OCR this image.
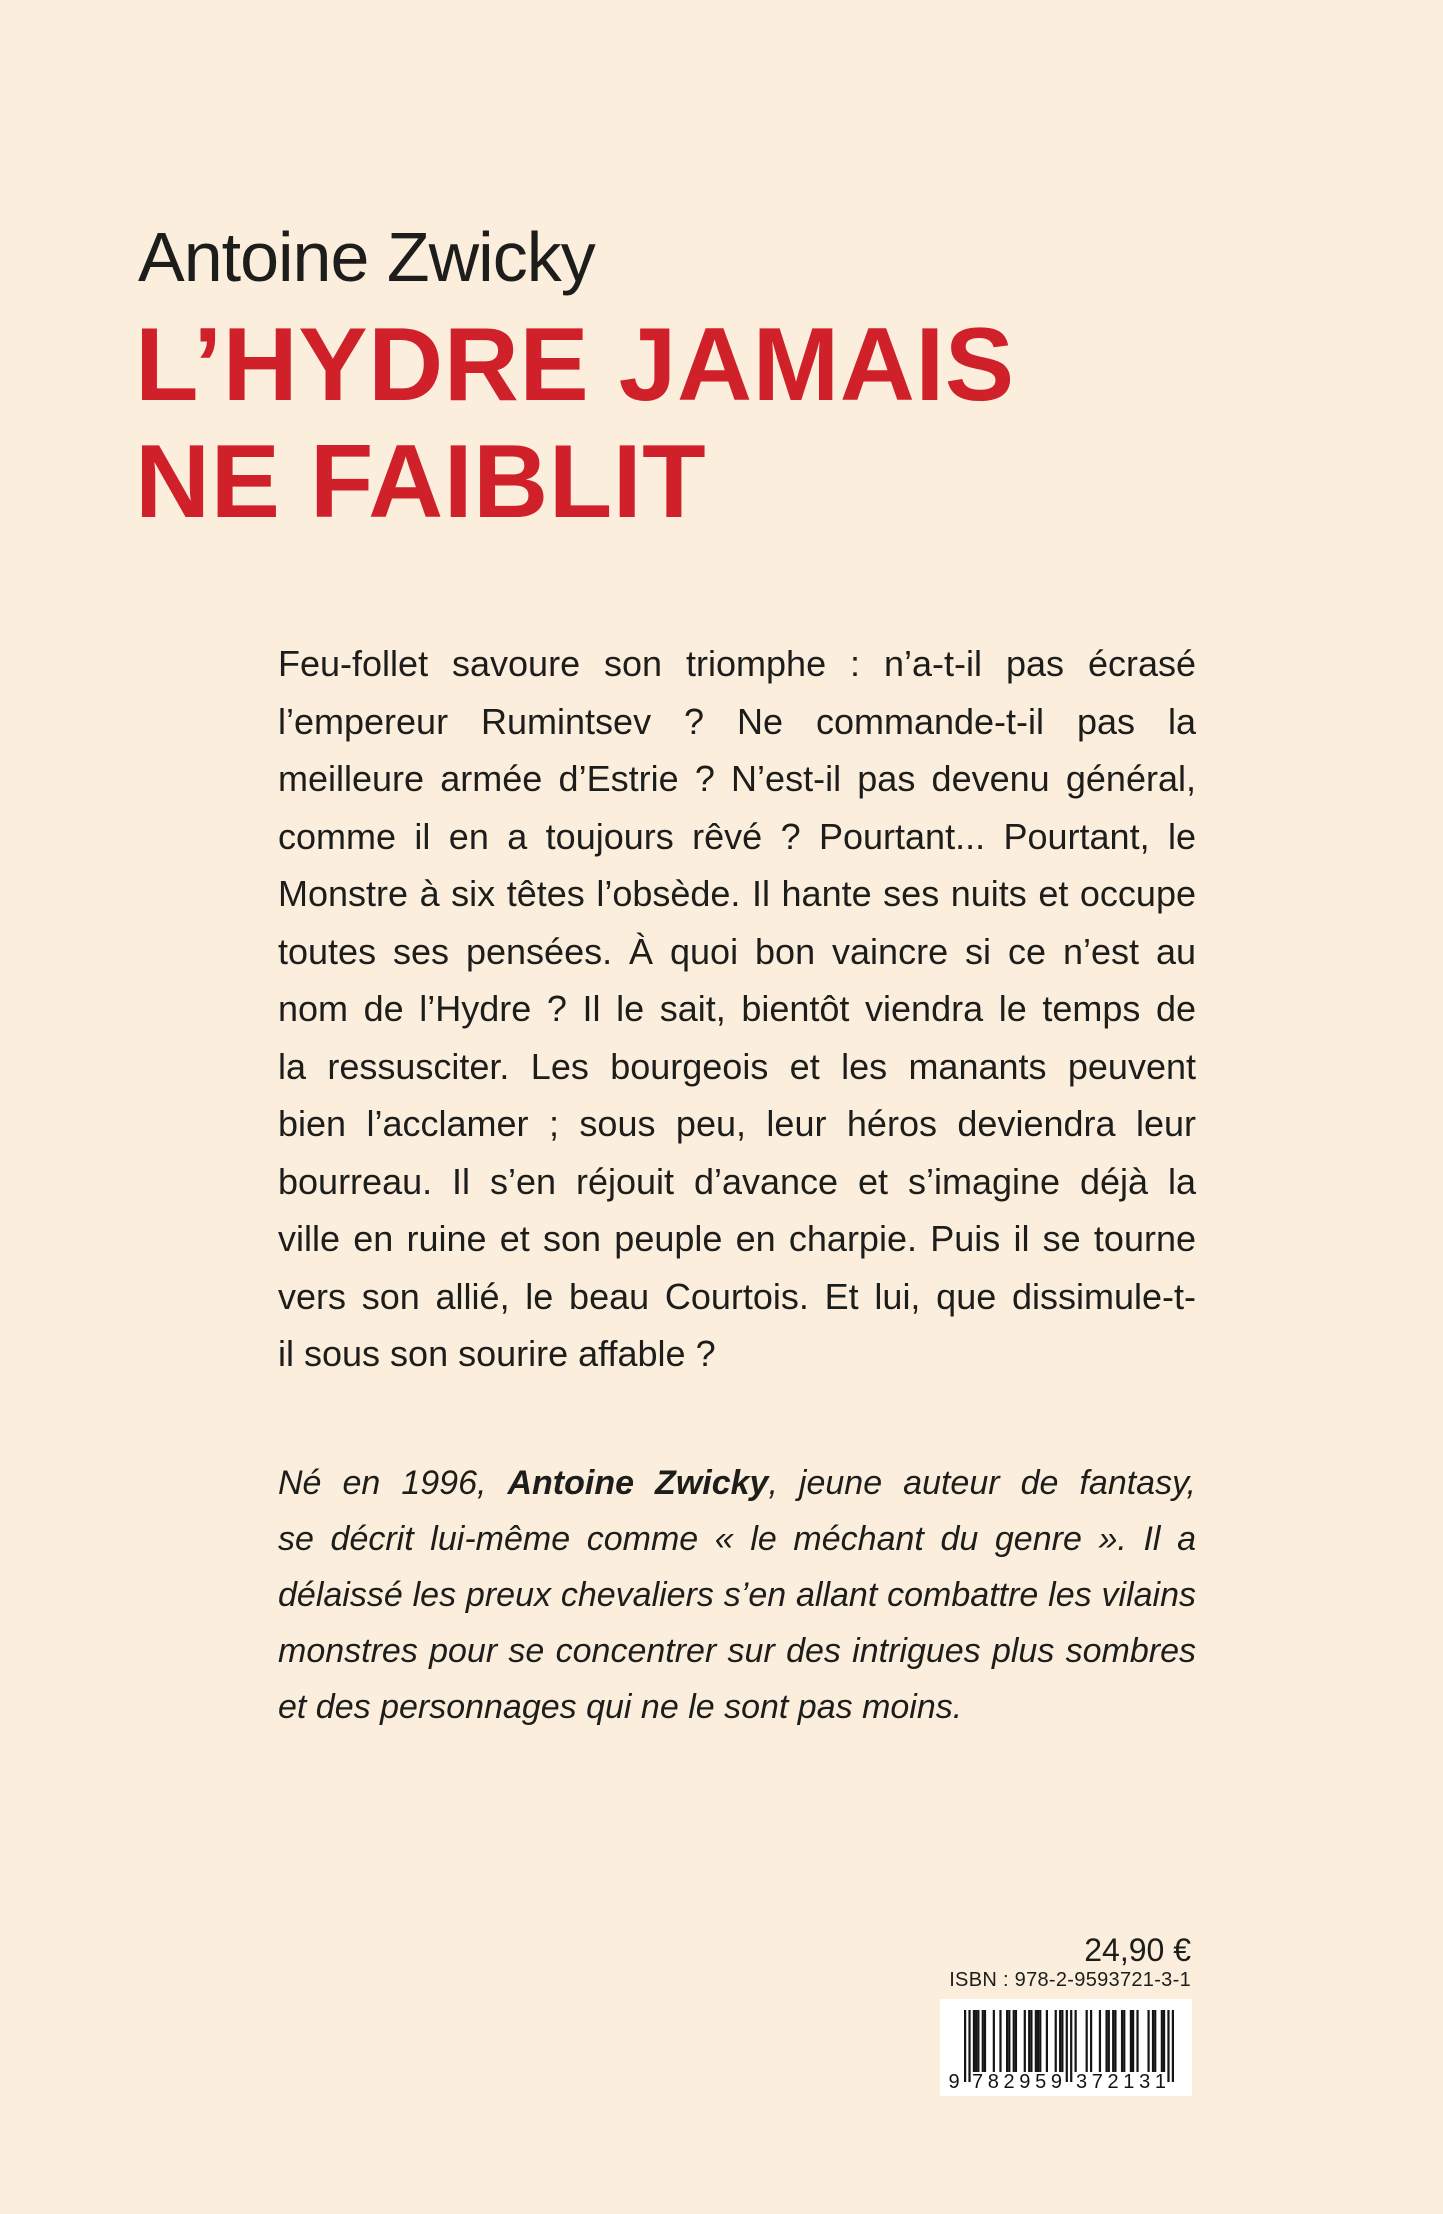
Antoine Zwicky
L’HYDRE JAMAIS
NE FAIBLIT
Feu-follet savoure son triomphe : n’a-t-il pas écrasé
l’empereur Rumintsev ? Ne commande-t-il pas la
meilleure armée d’Estrie ? N’est-il pas devenu général,
comme il en a toujours rêvé ? Pourtant... Pourtant, le
Monstre à six têtes l’obsède. Il hante ses nuits et occupe
toutes ses pensées. À quoi bon vaincre si ce n’est au
nom de l’Hydre ? Il le sait, bientôt viendra le temps de
la ressusciter. Les bourgeois et les manants peuvent
bien l’acclamer ; sous peu, leur héros deviendra leur
bourreau. Il s’en réjouit d’avance et s’imagine déjà la
ville en ruine et son peuple en charpie. Puis il se tourne
vers son allié, le beau Courtois. Et lui, que dissimule-t-
il sous son sourire affable ?
Né en 1996, Antoine Zwicky, jeune auteur de fantasy,
se décrit lui-même comme « le méchant du genre ». Il a
délaissé les preux chevaliers s’en allant combattre les vilains
monstres pour se concentrer sur des intrigues plus sombres
et des personnages qui ne le sont pas moins.
24,90 €
ISBN : 978-2-9593721-3-1
9 7 8 2 9 5 9 3 7 2 1 3 1
